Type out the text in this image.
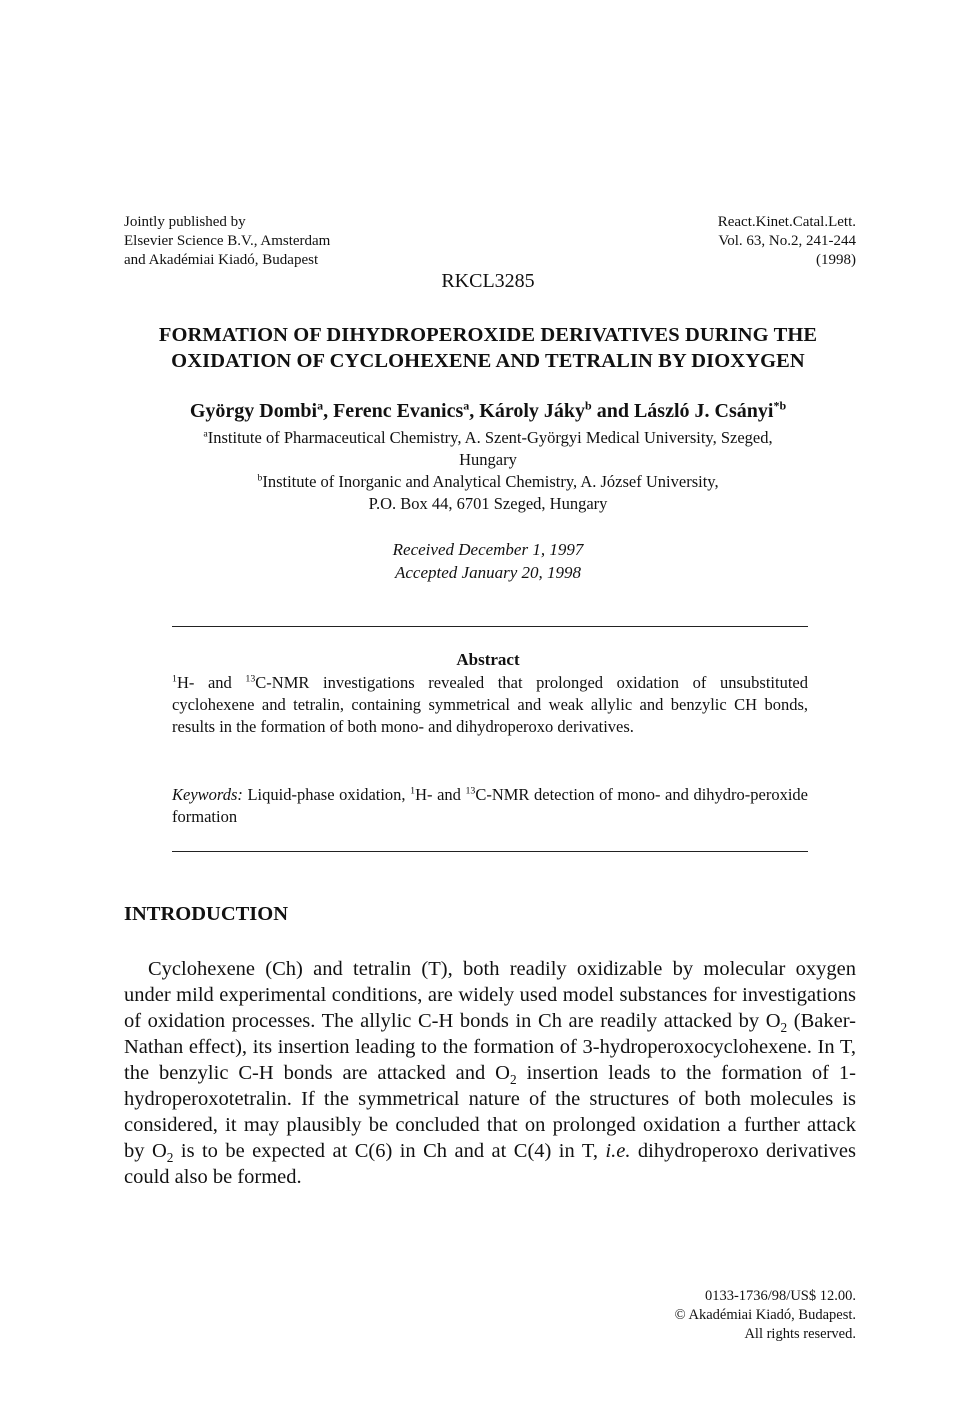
Jointly published by
Elsevier Science B.V., Amsterdam
and Akadémiai Kiadó, Budapest
React.Kinet.Catal.Lett.
Vol. 63, No.2, 241-244
(1998)
RKCL3285
FORMATION OF DIHYDROPEROXIDE DERIVATIVES DURING THE
OXIDATION OF CYCLOHEXENE AND TETRALIN BY DIOXYGEN
György Dombi$^a$, Ferenc Evanics$^a$, Károly Jáky$^b$ and László J. Csányi$^{*b}$
$^a$Institute of Pharmaceutical Chemistry, A. Szent-Györgyi Medical University, Szeged,
Hungary
$^b$Institute of Inorganic and Analytical Chemistry, A. József University,
P.O. Box 44, 6701 Szeged, Hungary
Received December 1, 1997
Accepted January 20, 1998
Abstract
$^1$H- and $^{13}$C-NMR investigations revealed that prolonged oxidation of unsubstituted cyclohexene and tetralin, containing symmetrical and weak allylic and benzylic CH bonds, results in the formation of both mono- and dihydroperoxo derivatives.
Keywords: Liquid-phase oxidation, $^1$H- and $^{13}$C-NMR detection of mono- and dihydro-peroxide formation
INTRODUCTION
Cyclohexene (Ch) and tetralin (T), both readily oxidizable by molecular oxygen under mild experimental conditions, are widely used model substances for investigations of oxidation processes. The allylic C-H bonds in Ch are readily attacked by $O_2$ (Baker-Nathan effect), its insertion leading to the formation of 3-hydroperoxocyclohexene. In T, the benzylic C-H bonds are attacked and $O_2$ insertion leads to the formation of 1-hydroperoxotetralin. If the symmetrical nature of the structures of both molecules is considered, it may plausibly be concluded that on prolonged oxidation a further attack by $O_2$ is to be expected at C(6) in Ch and at C(4) in T, i.e. dihydroperoxo derivatives could also be formed.
0133-1736/98/US$ 12.00.
© Akadémiai Kiadó, Budapest.
All rights reserved.
